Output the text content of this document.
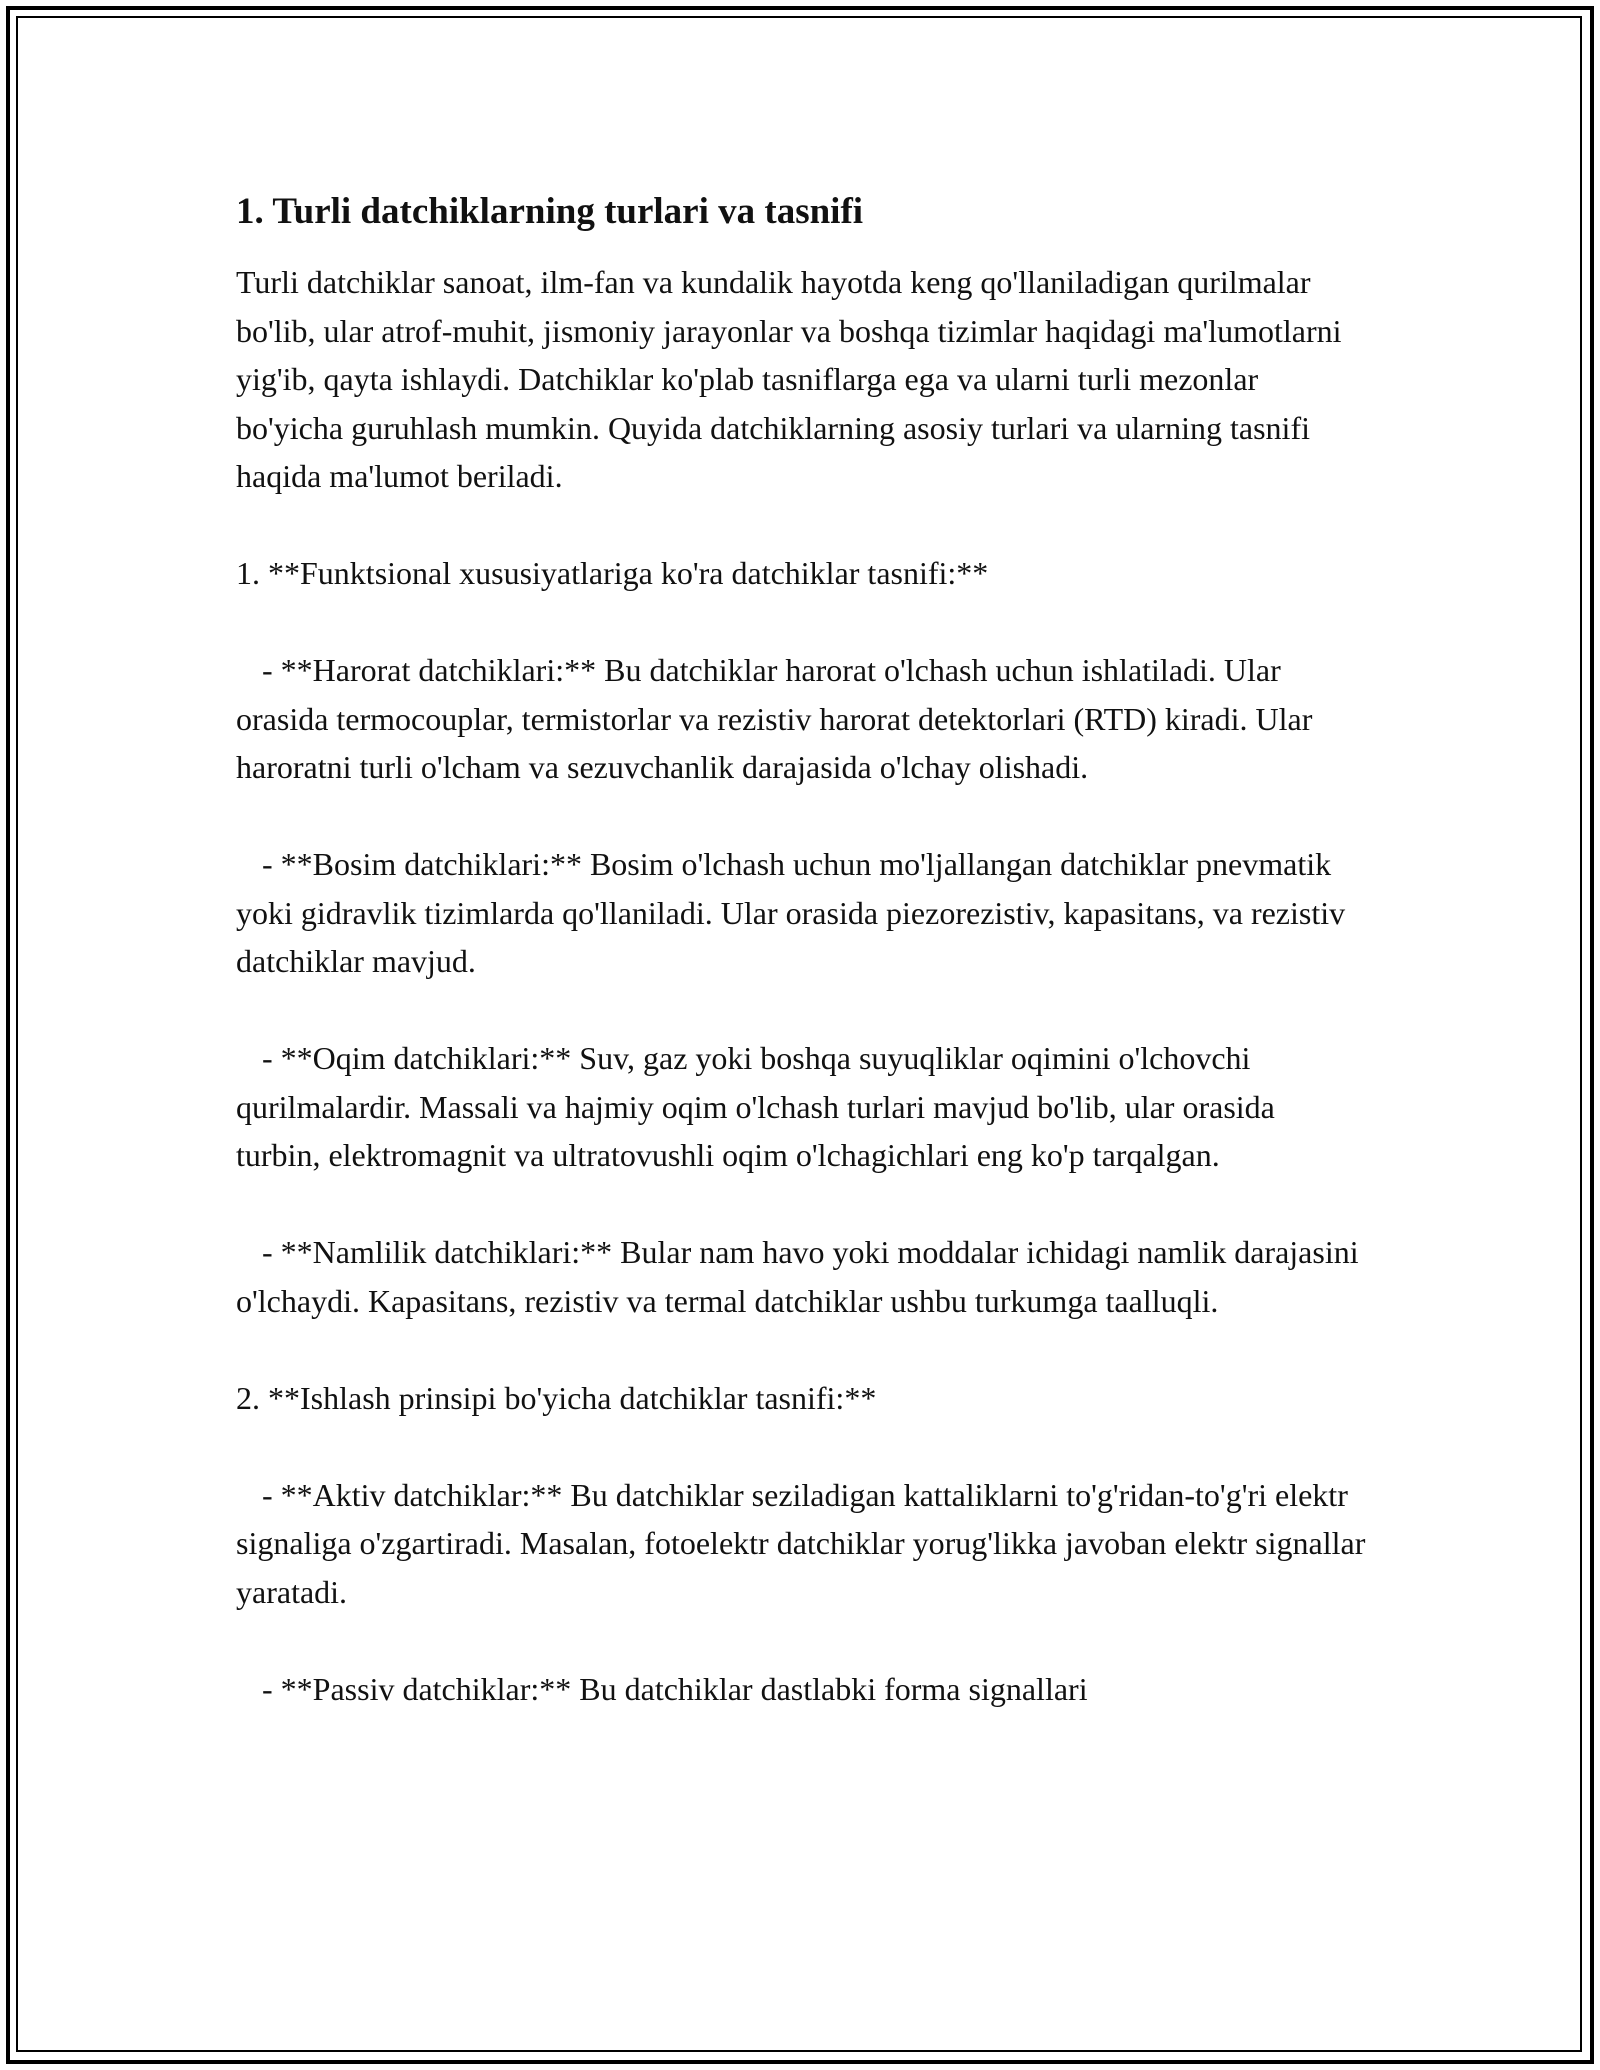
1. Turli datchiklarning turlari va tasnifi

Turli datchiklar sanoat, ilm-fan va kundalik hayotda keng qo'llaniladigan qurilmalar bo'lib, ular atrof-muhit, jismoniy jarayonlar va boshqa tizimlar haqidagi ma'lumotlarni yig'ib, qayta ishlaydi. Datchiklar ko'plab tasniflarga ega va ularni turli mezonlar bo'yicha guruhlash mumkin. Quyida datchiklarning asosiy turlari va ularning tasnifi haqida ma'lumot beriladi.

1. **Funktsional xususiyatlariga ko'ra datchiklar tasnifi:**

- **Harorat datchiklari:** Bu datchiklar harorat o'lchash uchun ishlatiladi. Ular orasida termocouplar, termistorlar va rezistiv harorat detektorlari (RTD) kiradi. Ular haroratni turli o'lcham va sezuvchanlik darajasida o'lchay olishadi.

- **Bosim datchiklari:** Bosim o'lchash uchun mo'ljallangan datchiklar pnevmatik yoki gidravlik tizimlarda qo'llaniladi. Ular orasida piezorezistiv, kapasitans, va rezistiv datchiklar mavjud.

- **Oqim datchiklari:** Suv, gaz yoki boshqa suyuqliklar oqimini o'lchovchi qurilmalardir. Massali va hajmiy oqim o'lchash turlari mavjud bo'lib, ular orasida turbin, elektromagnit va ultratovushli oqim o'lchagichlari eng ko'p tarqalgan.

- **Namlilik datchiklari:** Bular nam havo yoki moddalar ichidagi namlik darajasini o'lchaydi. Kapasitans, rezistiv va termal datchiklar ushbu turkumga taalluqli.

2. **Ishlash prinsipi bo'yicha datchiklar tasnifi:**

- **Aktiv datchiklar:** Bu datchiklar seziladigan kattaliklarni to'g'ridan-to'g'ri elektr signaliga o'zgartiradi. Masalan, fotoelektr datchiklar yorug'likka javoban elektr signallar yaratadi.

- **Passiv datchiklar:** Bu datchiklar dastlabki forma signallari
